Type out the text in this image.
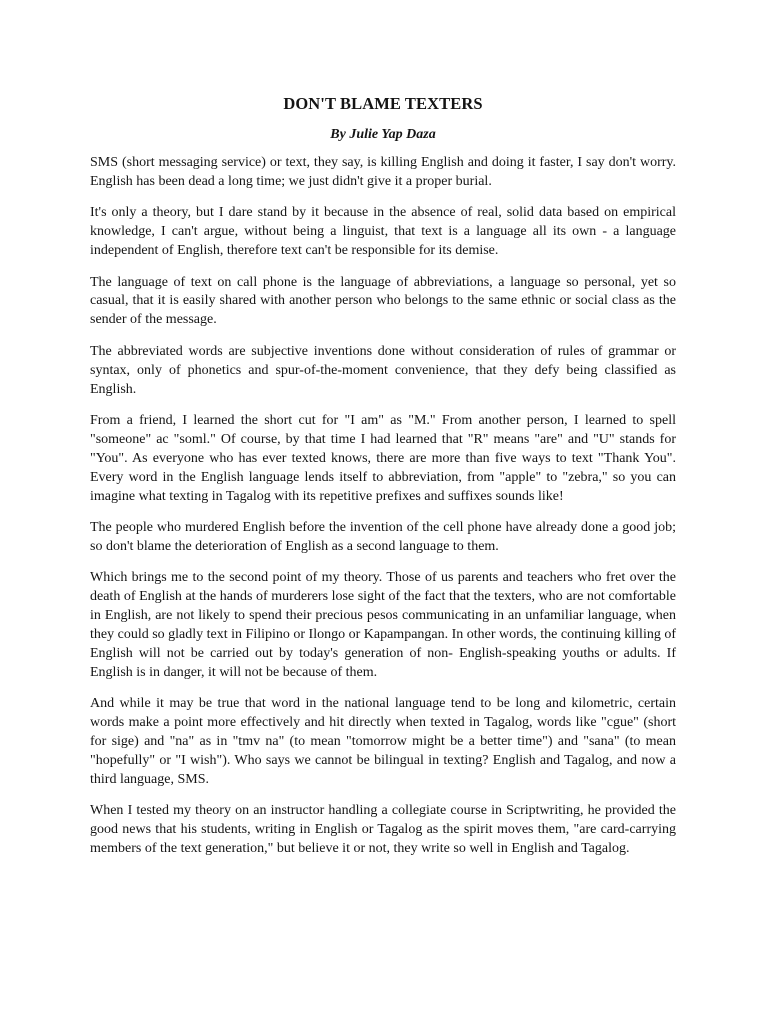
DON'T BLAME TEXTERS
By Julie Yap Daza

SMS (short messaging service) or text, they say, is killing English and doing it faster, I say don't worry. English has been dead a long time; we just didn't give it a proper burial.

It's only a theory, but I dare stand by it because in the absence of real, solid data based on empirical knowledge, I can't argue, without being a linguist, that text is a language all its own - a language independent of English, therefore text can't be responsible for its demise.

The language of text on call phone is the language of abbreviations, a language so personal, yet so casual, that it is easily shared with another person who belongs to the same ethnic or social class as the sender of the message.

The abbreviated words are subjective inventions done without consideration of rules of grammar or syntax, only of phonetics and spur-of-the-moment convenience, that they defy being classified as English.

From a friend, I learned the short cut for "I am" as "M." From another person, I learned to spell "someone" ac "soml." Of course, by that time I had learned that "R" means "are" and "U" stands for "You". As everyone who has ever texted knows, there are more than five ways to text "Thank You". Every word in the English language lends itself to abbreviation, from "apple" to "zebra," so you can imagine what texting in Tagalog with its repetitive prefixes and suffixes sounds like!

The people who murdered English before the invention of the cell phone have already done a good job; so don't blame the deterioration of English as a second language to them.

Which brings me to the second point of my theory. Those of us parents and teachers who fret over the death of English at the hands of murderers lose sight of the fact that the texters, who are not comfortable in English, are not likely to spend their precious pesos communicating in an unfamiliar language, when they could so gladly text in Filipino or Ilongo or Kapampangan. In other words, the continuing killing of English will not be carried out by today's generation of non- English-speaking youths or adults. If English is in danger, it will not be because of them.

And while it may be true that word in the national language tend to be long and kilometric, certain words make a point more effectively and hit directly when texted in Tagalog, words like "cgue" (short for sige) and "na" as in "tmv na" (to mean "tomorrow might be a better time") and "sana" (to mean "hopefully" or "I wish"). Who says we cannot be bilingual in texting? English and Tagalog, and now a third language, SMS.

When I tested my theory on an instructor handling a collegiate course in Scriptwriting, he provided the good news that his students, writing in English or Tagalog as the spirit moves them, "are card-carrying members of the text generation," but believe it or not, they write so well in English and Tagalog.
